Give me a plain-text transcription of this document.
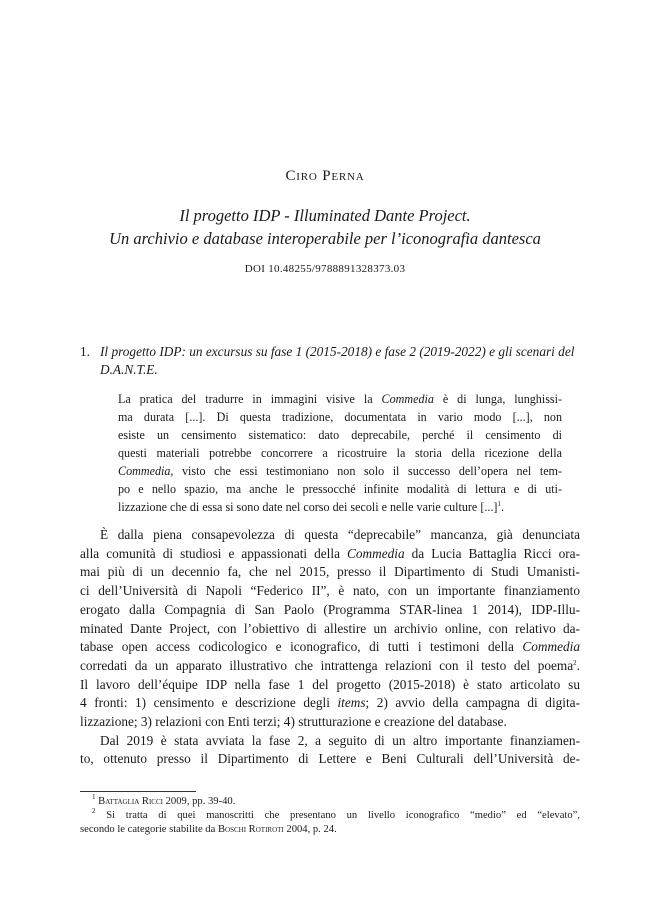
Ciro Perna
Il progetto IDP - Illuminated Dante Project.
Un archivio e database interoperabile per l’iconografia dantesca
DOI 10.48255/9788891328373.03
1. Il progetto IDP: un excursus su fase 1 (2015-2018) e fase 2 (2019-2022) e gli scenari del D.A.N.T.E.
La pratica del tradurre in immagini visive la Commedia è di lunga, lunghissi-
ma durata [...]. Di questa tradizione, documentata in vario modo [...], non
esiste un censimento sistematico: dato deprecabile, perché il censimento di
questi materiali potrebbe concorrere a ricostruire la storia della ricezione della
Commedia, visto che essi testimoniano non solo il successo dell’opera nel tem-
po e nello spazio, ma anche le pressocché infinite modalità di lettura e di uti-
lizzazione che di essa si sono date nel corso dei secoli e nelle varie culture [...]$^1$.
È dalla piena consapevolezza di questa “deprecabile” mancanza, già denunciata
alla comunità di studiosi e appassionati della Commedia da Lucia Battaglia Ricci ora-
mai più di un decennio fa, che nel 2015, presso il Dipartimento di Studi Umanisti-
ci dell’Università di Napoli “Federico II”, è nato, con un importante finanziamento
erogato dalla Compagnia di San Paolo (Programma STAR-linea 1 2014), IDP-Illu-
minated Dante Project, con l’obiettivo di allestire un archivio online, con relativo da-
tabase open access codicologico e iconografico, di tutti i testimoni della Commedia
corredati da un apparato illustrativo che intrattenga relazioni con il testo del poema$^2$.
Il lavoro dell’équipe IDP nella fase 1 del progetto (2015-2018) è stato articolato su
4 fronti: 1) censimento e descrizione degli items; 2) avvio della campagna di digita-
lizzazione; 3) relazioni con Enti terzi; 4) strutturazione e creazione del database.
Dal 2019 è stata avviata la fase 2, a seguito di un altro importante finanziamen-
to, ottenuto presso il Dipartimento di Lettere e Beni Culturali dell’Università de-
$^1$ Battaglia Ricci 2009, pp. 39-40.
$^2$ Si tratta di quei manoscritti che presentano un livello iconografico “medio” ed “elevato”,
secondo le categorie stabilite da Boschi Rotiroti 2004, p. 24.
